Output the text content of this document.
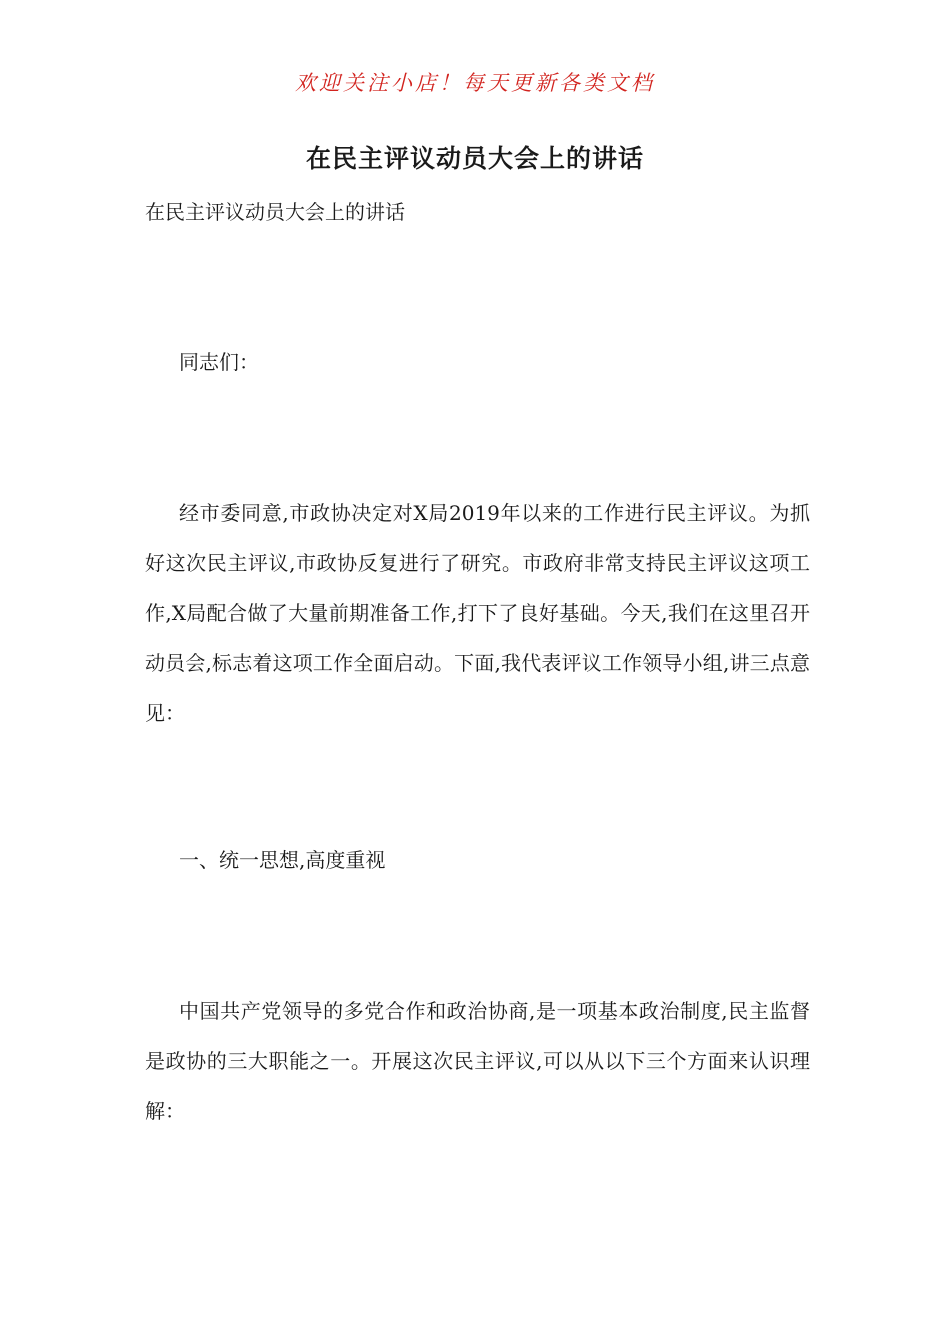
欢迎关注小店！每天更新各类文档
在民主评议动员大会上的讲话
在民主评议动员大会上的讲话

同志们：

经市委同意,市政协决定对X局2019年以来的工作进行民主评议。为抓好这次民主评议,市政协反复进行了研究。市政府非常支持民主评议这项工作,X局配合做了大量前期准备工作,打下了良好基础。今天,我们在这里召开动员会,标志着这项工作全面启动。下面,我代表评议工作领导小组,讲三点意见：

一、统一思想,高度重视

中国共产党领导的多党合作和政治协商,是一项基本政治制度,民主监督是政协的三大职能之一。开展这次民主评议,可以从以下三个方面来认识理解：
